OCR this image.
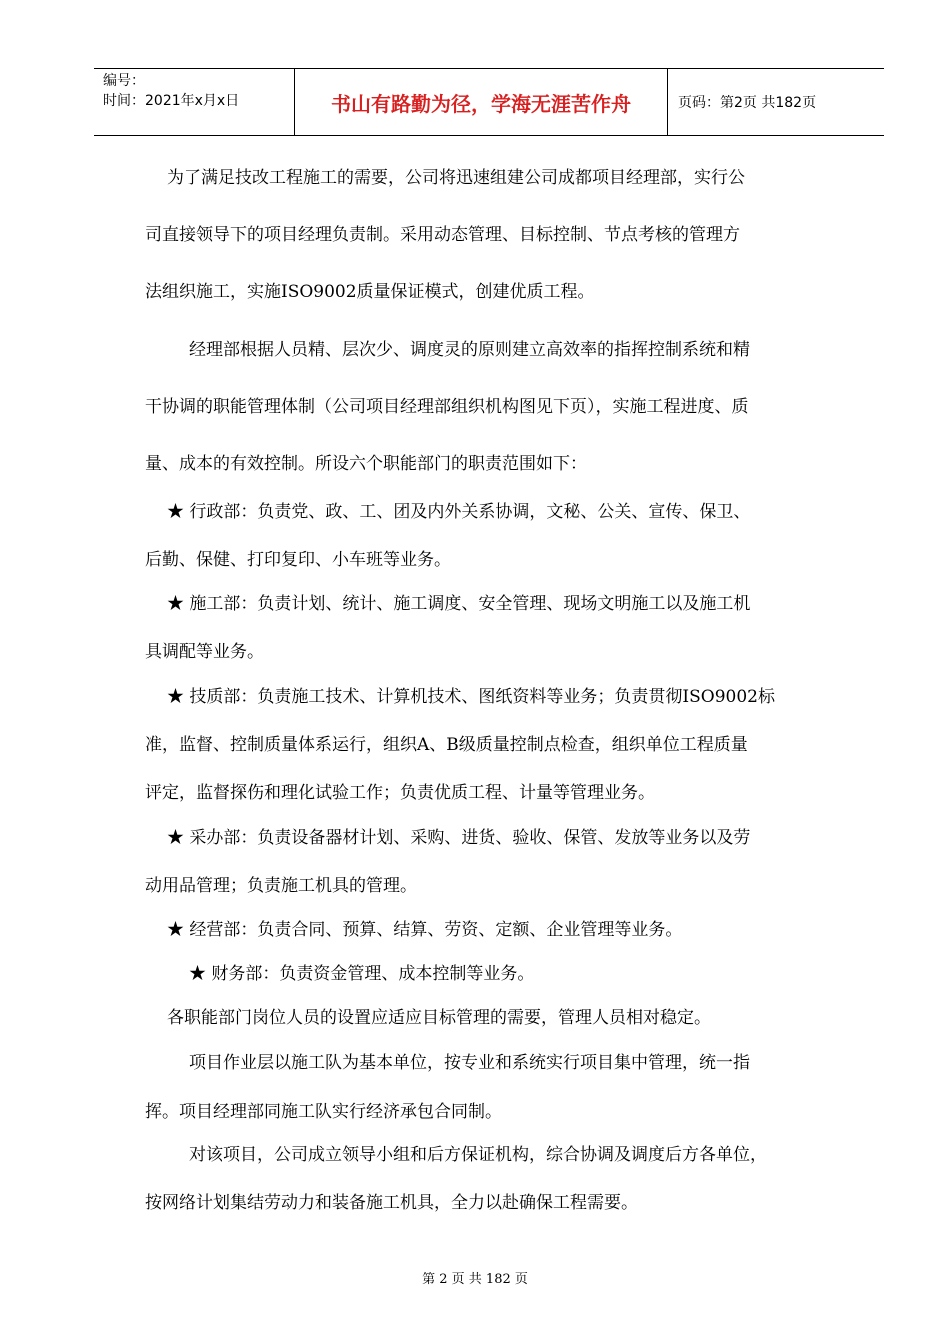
编号：
时间：2021年x月x日	书山有路勤为径，学海无涯苦作舟	页码：第2页 共182页
为了满足技改工程施工的需要，公司将迅速组建公司成都项目经理部，实行公
司直接领导下的项目经理负责制。采用动态管理、目标控制、节点考核的管理方
法组织施工，实施ISO9002质量保证模式，创建优质工程。
经理部根据人员精、层次少、调度灵的原则建立高效率的指挥控制系统和精
干协调的职能管理体制（公司项目经理部组织机构图见下页），实施工程进度、质
量、成本的有效控制。所设六个职能部门的职责范围如下：
★ 行政部：负责党、政、工、团及内外关系协调，文秘、公关、宣传、保卫、
后勤、保健、打印复印、小车班等业务。
★ 施工部：负责计划、统计、施工调度、安全管理、现场文明施工以及施工机
具调配等业务。
★ 技质部：负责施工技术、计算机技术、图纸资料等业务；负责贯彻ISO9002标
准，监督、控制质量体系运行，组织A、B级质量控制点检查，组织单位工程质量
评定，监督探伤和理化试验工作；负责优质工程、计量等管理业务。
★ 采办部：负责设备器材计划、采购、进货、验收、保管、发放等业务以及劳
动用品管理；负责施工机具的管理。
★ 经营部：负责合同、预算、结算、劳资、定额、企业管理等业务。
★ 财务部：负责资金管理、成本控制等业务。
各职能部门岗位人员的设置应适应目标管理的需要，管理人员相对稳定。
项目作业层以施工队为基本单位，按专业和系统实行项目集中管理，统一指
挥。项目经理部同施工队实行经济承包合同制。
对该项目，公司成立领导小组和后方保证机构，综合协调及调度后方各单位，
按网络计划集结劳动力和装备施工机具，全力以赴确保工程需要。
第 2 页 共 182 页
